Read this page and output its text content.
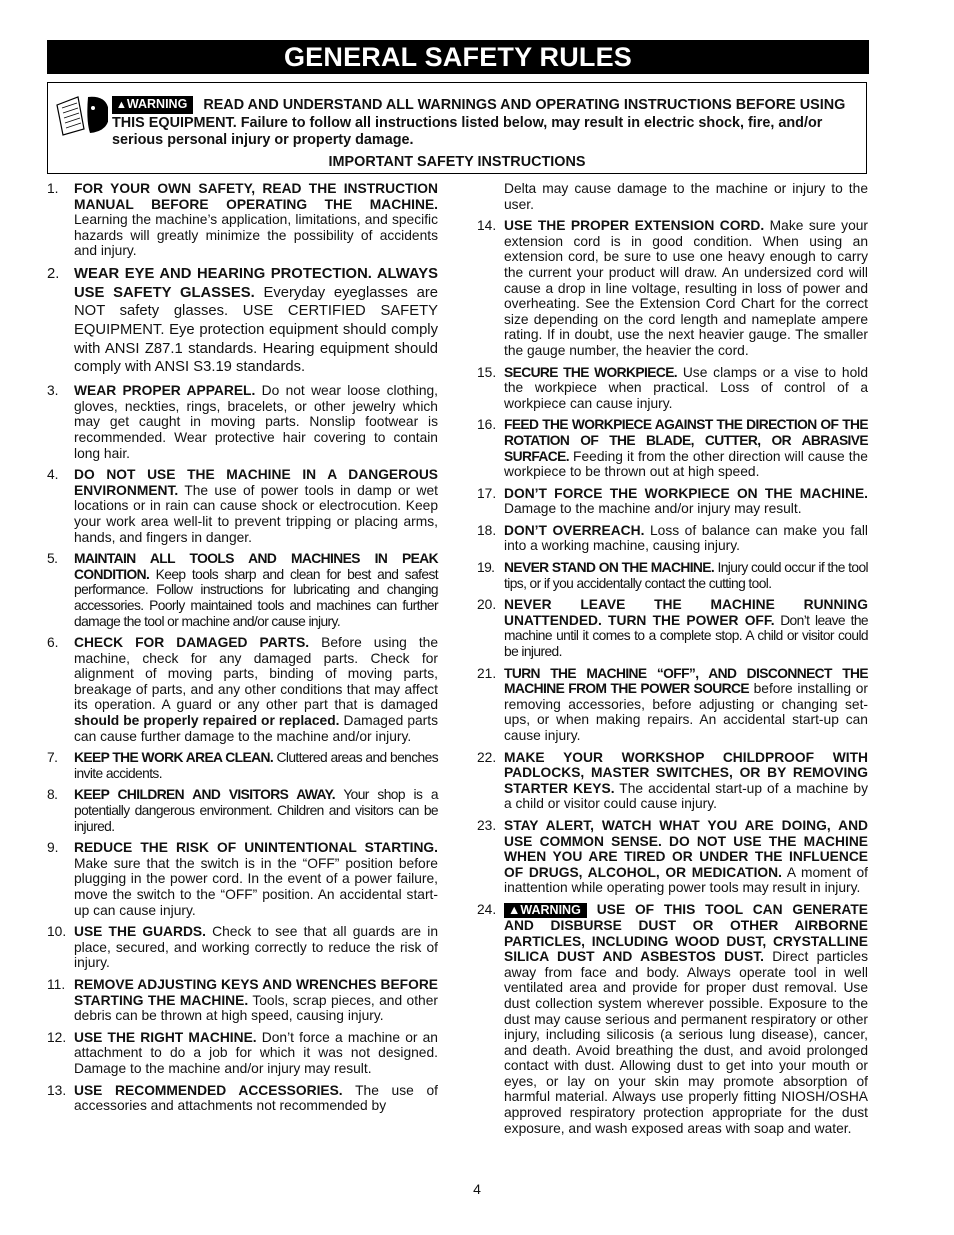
GENERAL SAFETY RULES
▲WARNING READ AND UNDERSTAND ALL WARNINGS AND OPERATING INSTRUCTIONS BEFORE USING THIS EQUIPMENT. Failure to follow all instructions listed below, may result in electric shock, fire, and/or serious personal injury or property damage.
IMPORTANT SAFETY INSTRUCTIONS
1.	FOR YOUR OWN SAFETY, READ THE INSTRUCTION MANUAL BEFORE OPERATING THE MACHINE. Learning the machine’s application, limitations, and specific hazards will greatly minimize the possibility of accidents and injury.
2. WEAR EYE AND HEARING PROTECTION. ALWAYS USE SAFETY GLASSES. Everyday eyeglasses are NOT safety glasses. USE CERTIFIED SAFETY EQUIPMENT. Eye protection equipment should comply with ANSI Z87.1 standards. Hearing equipment should comply with ANSI S3.19 standards.
3.	WEAR PROPER APPAREL. Do not wear loose clothing, gloves, neckties, rings, bracelets, or other jewelry which may get caught in moving parts. Nonslip footwear is recommended. Wear protective hair covering to contain long hair.
4.	DO NOT USE THE MACHINE IN A DANGEROUS ENVIRONMENT. The use of power tools in damp or wet locations or in rain can cause shock or electrocution. Keep your work area well-lit to prevent tripping or placing arms, hands, and fingers in danger.
5.	MAINTAIN ALL TOOLS AND MACHINES IN PEAK CONDITION. Keep tools sharp and clean for best and safest performance. Follow instructions for lubricating and changing accessories. Poorly maintained tools and machines can further damage the tool or machine and/or cause injury.
6.	CHECK FOR DAMAGED PARTS. Before using the machine, check for any damaged parts. Check for alignment of moving parts, binding of moving parts, breakage of parts, and any other conditions that may affect its operation. A guard or any other part that is damaged should be properly repaired or replaced. Damaged parts can cause further damage to the machine and/or injury.
7.	KEEP THE WORK AREA CLEAN. Cluttered areas and benches invite accidents.
8.	KEEP CHILDREN AND VISITORS AWAY. Your shop is a potentially dangerous environment. Children and visitors can be injured.
9.	REDUCE THE RISK OF UNINTENTIONAL STARTING. Make sure that the switch is in the “OFF” position before plugging in the power cord. In the event of a power failure, move the switch to the “OFF” position. An accidental start-up can cause injury.
10. USE THE GUARDS. Check to see that all guards are in place, secured, and working correctly to reduce the risk of injury.
11. REMOVE ADJUSTING KEYS AND WRENCHES BEFORE STARTING THE MACHINE. Tools, scrap pieces, and other debris can be thrown at high speed, causing injury.
12. USE THE RIGHT MACHINE. Don’t force a machine or an attachment to do a job for which it was not designed. Damage to the machine and/or injury may result.
13. USE RECOMMENDED ACCESSORIES. The use of accessories and attachments not recommended by
Delta may cause damage to the machine or injury to the user.
14. USE THE PROPER EXTENSION CORD. Make sure your extension cord is in good condition. When using an extension cord, be sure to use one heavy enough to carry the current your product will draw. An undersized cord will cause a drop in line voltage, resulting in loss of power and overheating. See the Extension Cord Chart for the correct size depending on the cord length and nameplate ampere rating. If in doubt, use the next heavier gauge. The smaller the gauge number, the heavier the cord.
15. SECURE THE WORKPIECE. Use clamps or a vise to hold the workpiece when practical. Loss of control of a workpiece can cause injury.
16. FEED THE WORKPIECE AGAINST THE DIRECTION OF THE ROTATION OF THE BLADE, CUTTER, OR ABRASIVE SURFACE. Feeding it from the other direction will cause the workpiece to be thrown out at high speed.
17. DON’T FORCE THE WORKPIECE ON THE MACHINE. Damage to the machine and/or injury may result.
18. DON’T OVERREACH. Loss of balance can make you fall into a working machine, causing injury.
19. NEVER STAND ON THE MACHINE. Injury could occur if the tool tips, or if you accidentally contact the cutting tool.
20. NEVER LEAVE THE MACHINE RUNNING UNATTENDED. TURN THE POWER OFF. Don’t leave the machine until it comes to a complete stop. A child or visitor could be injured.
21. TURN THE MACHINE “OFF”, AND DISCONNECT THE MACHINE FROM THE POWER SOURCE before installing or removing accessories, before adjusting or changing set-ups, or when making repairs. An accidental start-up can cause injury.
22. MAKE YOUR WORKSHOP CHILDPROOF WITH PADLOCKS, MASTER SWITCHES, OR BY REMOVING STARTER KEYS. The accidental start-up of a machine by a child or visitor could cause injury.
23. STAY ALERT, WATCH WHAT YOU ARE DOING, AND USE COMMON SENSE. DO NOT USE THE MACHINE WHEN YOU ARE TIRED OR UNDER THE INFLUENCE OF DRUGS, ALCOHOL, OR MEDICATION. A moment of inattention while operating power tools may result in injury.
24. ▲WARNING USE OF THIS TOOL CAN GENERATE AND DISBURSE DUST OR OTHER AIRBORNE PARTICLES, INCLUDING WOOD DUST, CRYSTALLINE SILICA DUST AND ASBESTOS DUST. Direct particles away from face and body. Always operate tool in well ventilated area and provide for proper dust removal. Use dust collection system wherever possible. Exposure to the dust may cause serious and permanent respiratory or other injury, including silicosis (a serious lung disease), cancer, and death. Avoid breathing the dust, and avoid prolonged contact with dust. Allowing dust to get into your mouth or eyes, or lay on your skin may promote absorption of harmful material. Always use properly fitting NIOSH/OSHA approved respiratory protection appropriate for the dust exposure, and wash exposed areas with soap and water.
4
